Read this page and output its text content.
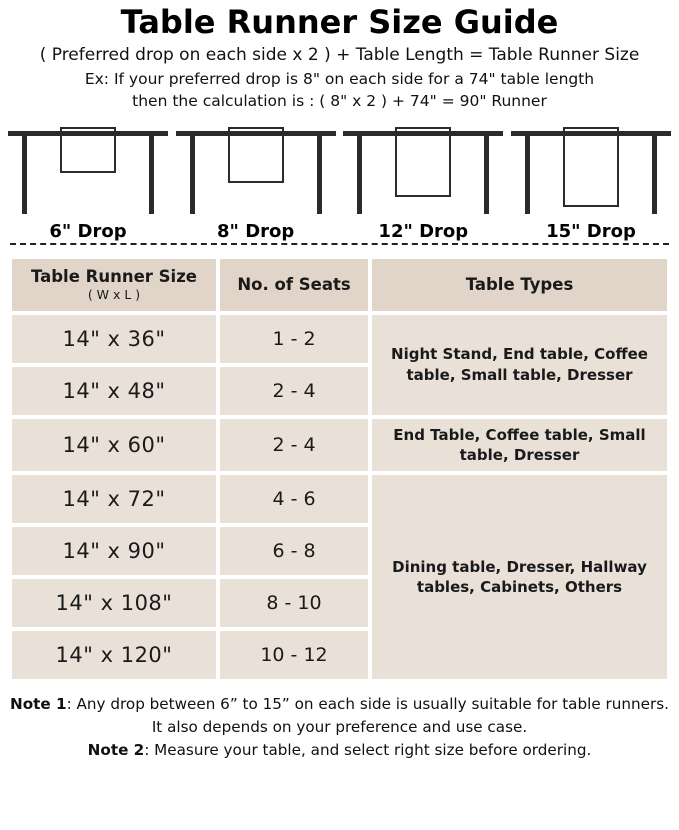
Table Runner Size Guide
( Preferred drop on each side x 2 ) + Table Length = Table Runner Size
Ex: If your preferred drop is 8" on each side for a 74" table length
then the calculation is : ( 8" x 2 ) + 74" = 90" Runner
6" Drop	8" Drop	12" Drop	15" Drop
Table Runner Size
( W x L )	No. of Seats	Table Types
14" x 36"	1 - 2	Night Stand, End table, Coffee table, Small table, Dresser
14" x 48"	2 - 4	
14" x 60"	2 - 4	End Table, Coffee table, Small table, Dresser
14" x 72"	4 - 6	Dining table, Dresser, Hallway tables, Cabinets, Others
14" x 90"	6 - 8	
14" x 108"	8 - 10	
14" x 120"	10 - 12	
Note 1: Any drop between 6” to 15” on each side is usually suitable for table runners. It also depends on your preference and use case.
Note 2: Measure your table, and select right size before ordering.
